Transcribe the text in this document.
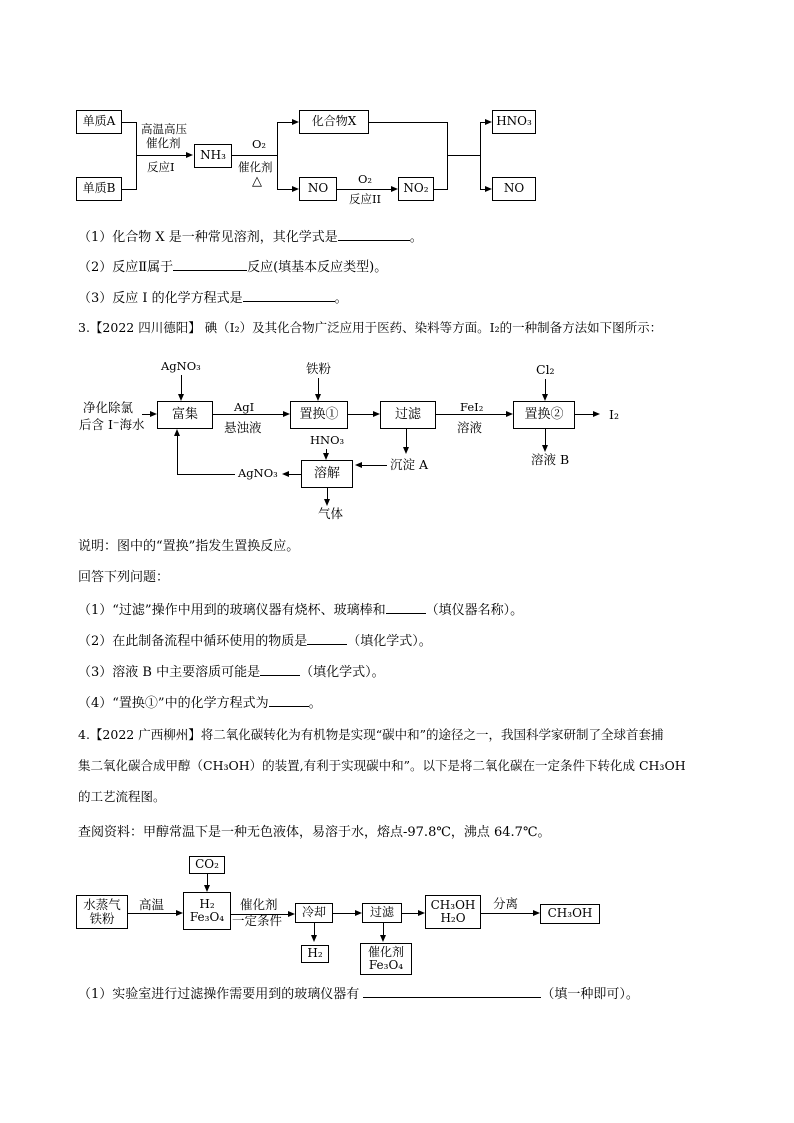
单质A
单质B
高温高压
催化剂
反应I
NH₃
O₂
催化剂
△
化合物X
NO
O₂
反应II
NO₂
HNO₃
NO
（1）化合物 X 是一种常见溶剂，其化学式是	。
（2）反应Ⅱ属于	反应(填基本反应类型)。
（3）反应 I 的化学方程式是	。
3.【2022 四川德阳】 碘（I₂）及其化合物广泛应用于医药、染料等方面。I₂的一种制备方法如下图所示：
AgNO₃	铁粉	Cl₂
净化除氯
后含 I⁻海水
富集	AgI
悬浊液
置换①	过滤	FeI₂
溶液
置换②	I₂
溶液 B
沉淀 A
HNO₃
溶解
气体
AgNO₃
说明：图中的“置换”指发生置换反应。
回答下列问题：
（1）“过滤”操作中用到的玻璃仪器有烧杯、玻璃棒和	（填仪器名称）。
（2）在此制备流程中循环使用的物质是	（填化学式）。
（3）溶液 B 中主要溶质可能是	（填化学式）。
（4）“置换①”中的化学方程式为	。
4.【2022 广西柳州】将二氧化碳转化为有机物是实现“碳中和”的途径之一，我国科学家研制了全球首套捕
集二氧化碳合成甲醇（CH₃OH）的装置,有利于实现碳中和”。以下是将二氧化碳在一定条件下转化成 CH₃OH
的工艺流程图。
查阅资料：甲醇常温下是一种无色液体，易溶于水，熔点-97.8℃，沸点 64.7℃。
CO₂
水蒸气
铁粉
高温	H₂
Fe₃O₄
催化剂
一定条件
冷却
H₂
过滤
催化剂
Fe₃O₄
CH₃OH
H₂O
分离
CH₃OH
（1）实验室进行过滤操作需要用到的玻璃仪器有	（填一种即可）。
